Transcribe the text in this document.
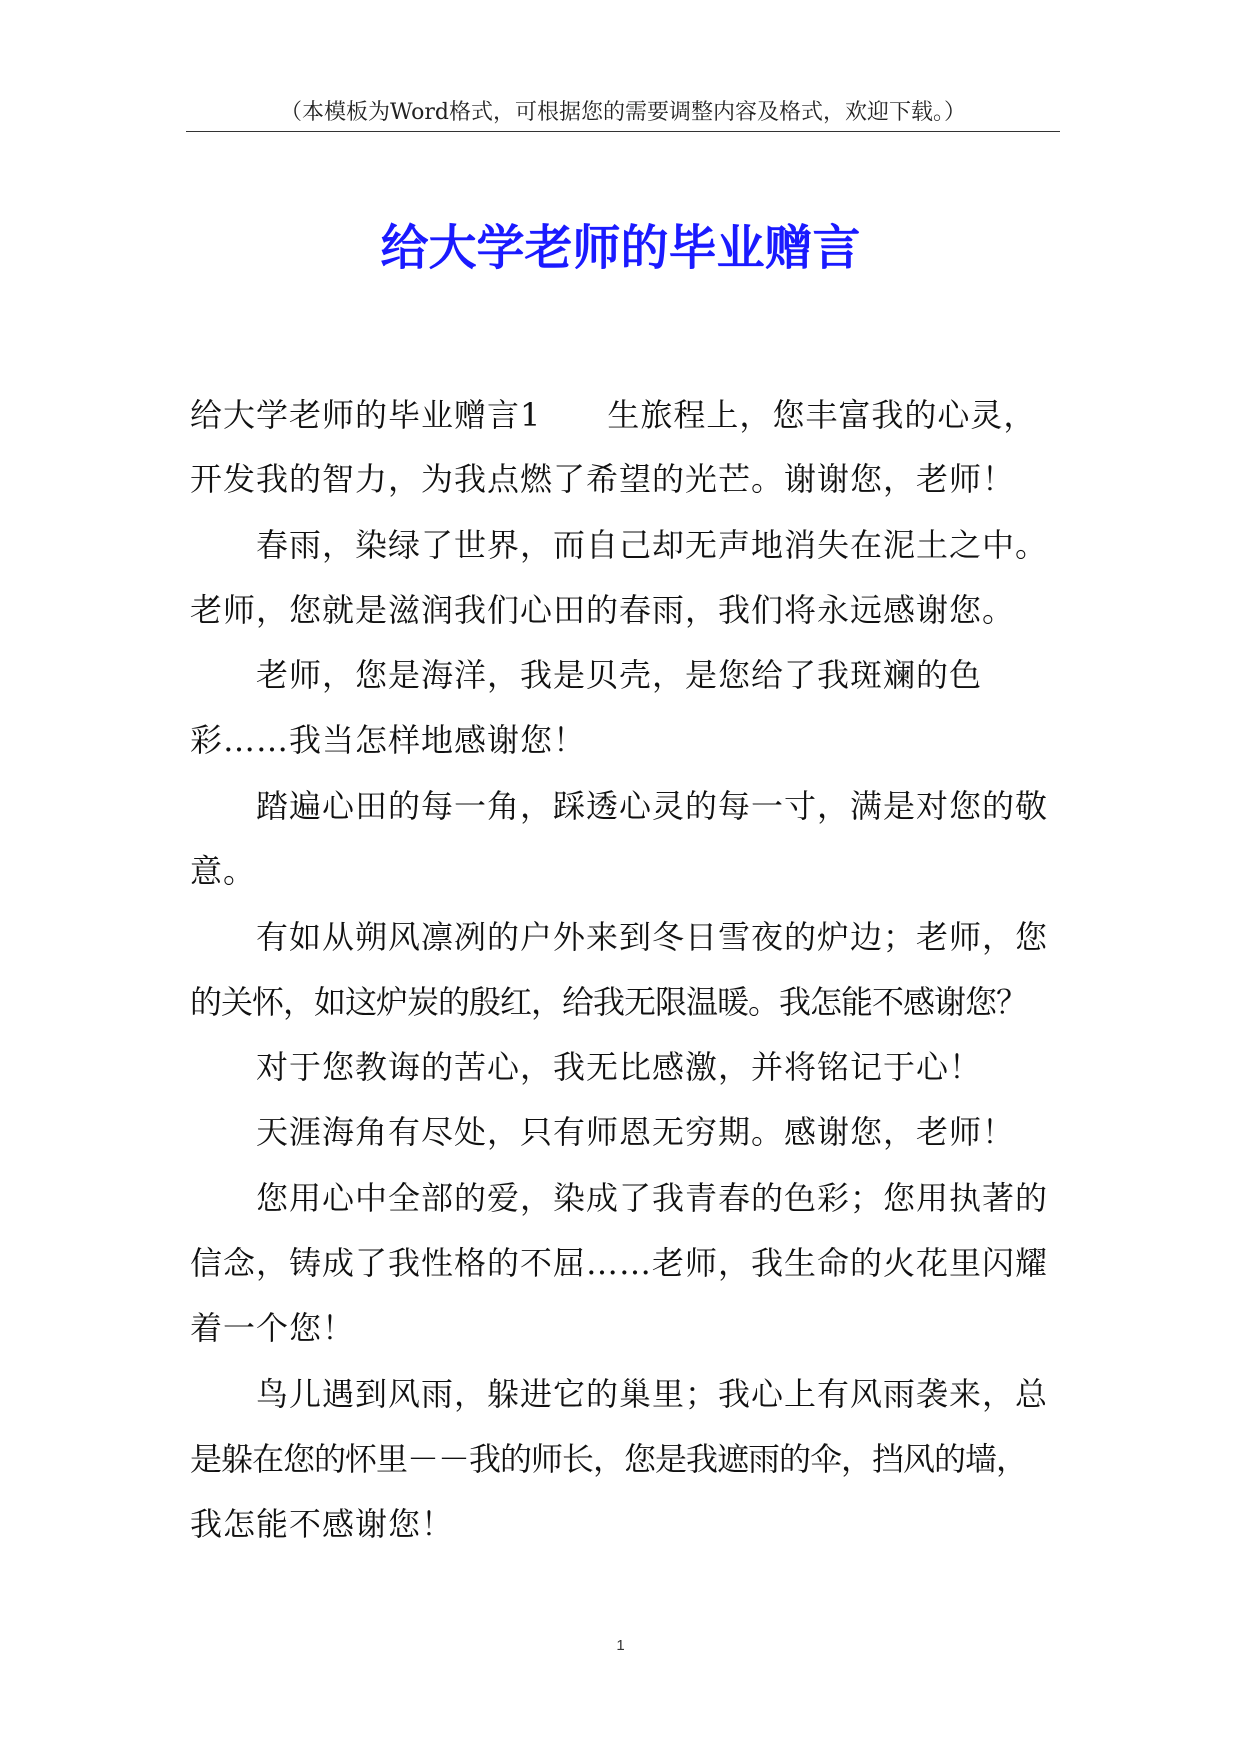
（本模板为Word格式，可根据您的需要调整内容及格式，欢迎下载。）
给大学老师的毕业赠言
给大学老师的毕业赠言1　　生旅程上，您丰富我的心灵，
开发我的智力，为我点燃了希望的光芒。谢谢您，老师！
春雨，染绿了世界，而自己却无声地消失在泥土之中。
老师，您就是滋润我们心田的春雨，我们将永远感谢您。
老师，您是海洋，我是贝壳，是您给了我斑斓的色
彩……我当怎样地感谢您！
踏遍心田的每一角，踩透心灵的每一寸，满是对您的敬
意。
有如从朔风凛冽的户外来到冬日雪夜的炉边；老师，您
的关怀，如这炉炭的殷红，给我无限温暖。我怎能不感谢您？
对于您教诲的苦心，我无比感激，并将铭记于心！
天涯海角有尽处，只有师恩无穷期。感谢您，老师！
您用心中全部的爱，染成了我青春的色彩；您用执著的
信念，铸成了我性格的不屈……老师，我生命的火花里闪耀
着一个您！
鸟儿遇到风雨，躲进它的巢里；我心上有风雨袭来，总
是躲在您的怀里－－我的师长，您是我遮雨的伞，挡风的墙，
我怎能不感谢您！
1
